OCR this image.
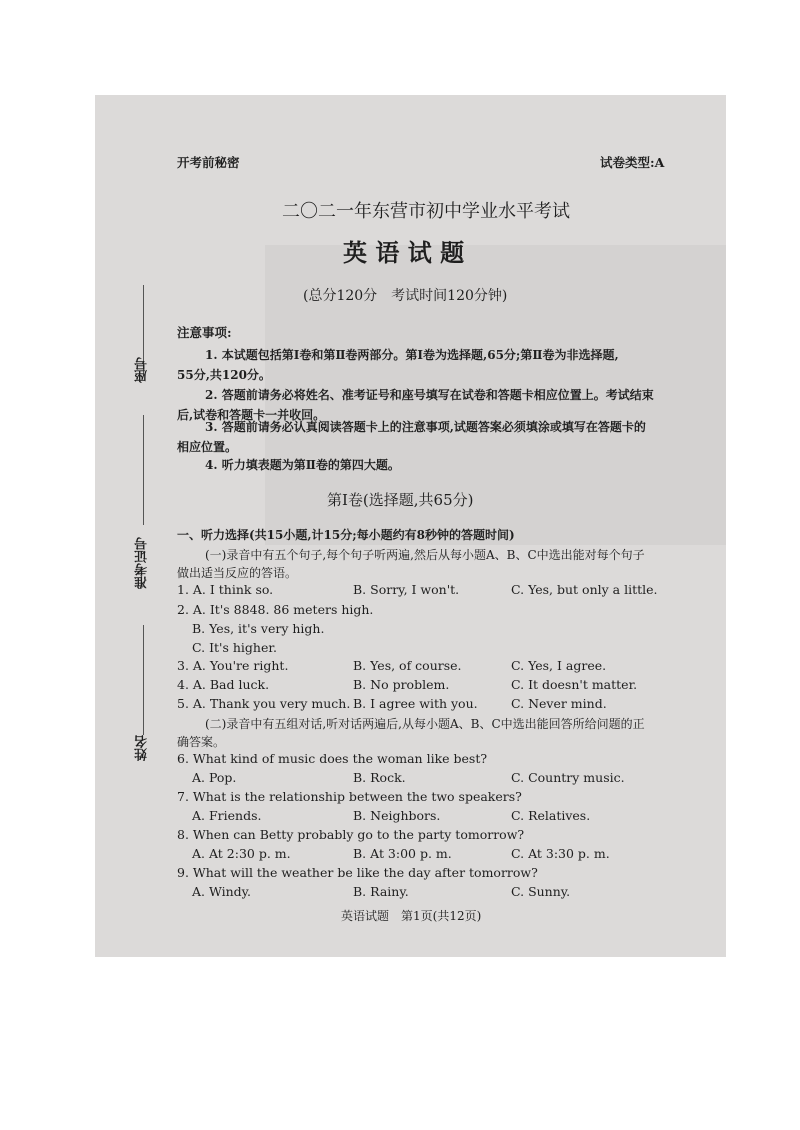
开考前秘密	试卷类型:A
二〇二一年东营市初中学业水平考试
英 语 试 题
(总分120分　考试时间120分钟)
座号
准考证号
姓名
注意事项:
1. 本试题包括第Ⅰ卷和第Ⅱ卷两部分。第Ⅰ卷为选择题,65分;第Ⅱ卷为非选择题,
55分,共120分。
2. 答题前请务必将姓名、准考证号和座号填写在试卷和答题卡相应位置上。考试结束
后,试卷和答题卡一并收回。
3. 答题前请务必认真阅读答题卡上的注意事项,试题答案必须填涂或填写在答题卡的
相应位置。
4. 听力填表题为第Ⅱ卷的第四大题。
第Ⅰ卷(选择题,共65分)
一、听力选择(共15小题,计15分;每小题约有8秒钟的答题时间)
(一)录音中有五个句子,每个句子听两遍,然后从每小题A、B、C中选出能对每个句子
做出适当反应的答语。
1. A. I think so.	B. Sorry, I won't.	C. Yes, but only a little.
2. A. It's 8848. 86 meters high.
B. Yes, it's very high.
C. It's higher.
3. A. You're right.	B. Yes, of course.	C. Yes, I agree.
4. A. Bad luck.	B. No problem.	C. It doesn't matter.
5. A. Thank you very much. B. I agree with you.	C. Never mind.
(二)录音中有五组对话,听对话两遍后,从每小题A、B、C中选出能回答所给问题的正
确答案。
6. What kind of music does the woman like best?
A. Pop.	B. Rock.	C. Country music.
7. What is the relationship between the two speakers?
A. Friends.	B. Neighbors.	C. Relatives.
8. When can Betty probably go to the party tomorrow?
A. At 2:30 p. m.	B. At 3:00 p. m.	C. At 3:30 p. m.
9. What will the weather be like the day after tomorrow?
A. Windy.	B. Rainy.	C. Sunny.
英语试题　第1页(共12页)
